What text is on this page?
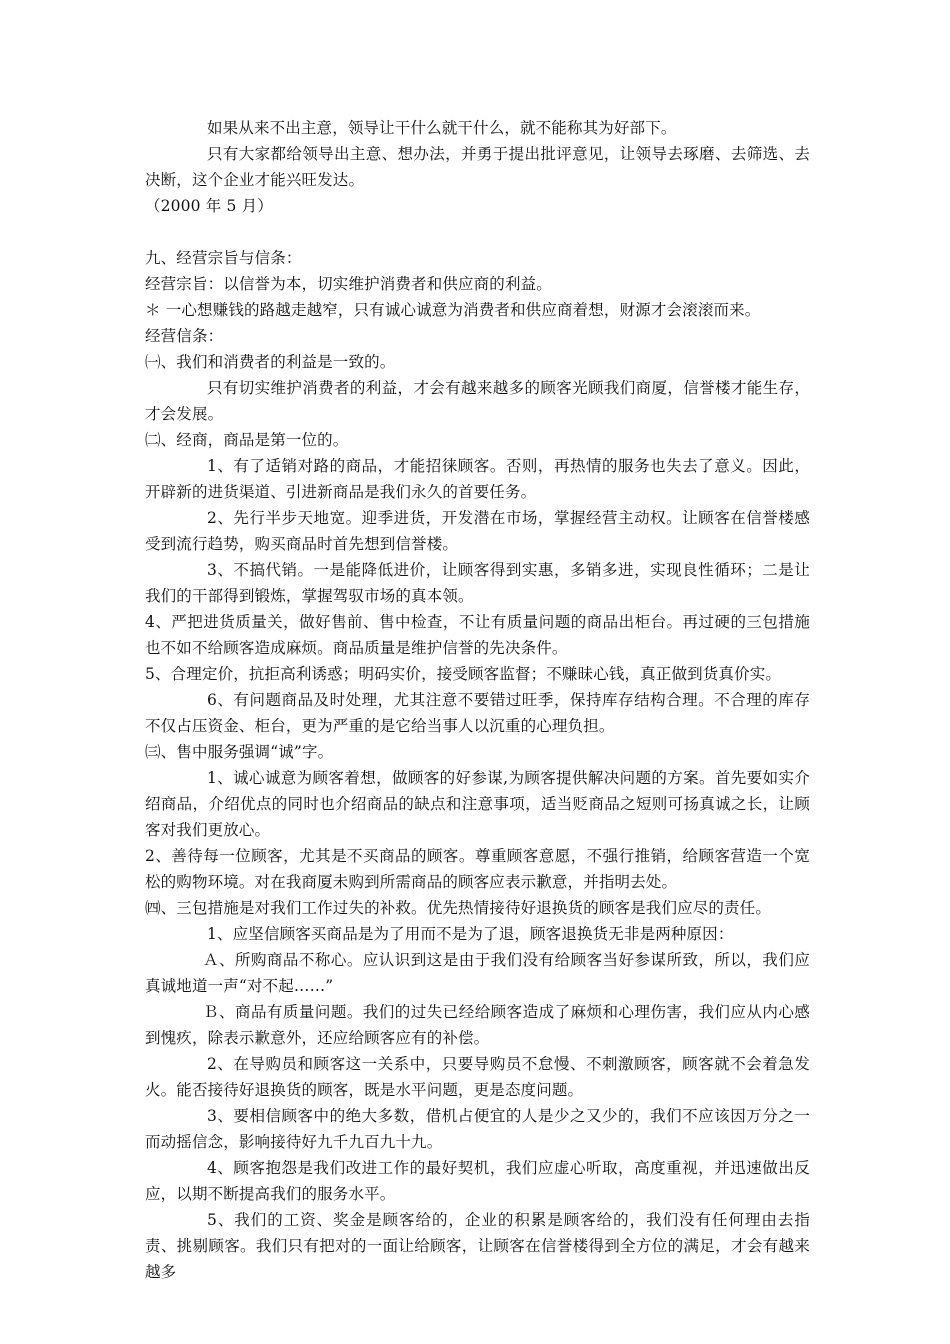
如果从来不出主意，领导让干什么就干什么，就不能称其为好部下。

只有大家都给领导出主意、想办法，并勇于提出批评意见，让领导去琢磨、去筛选、去决断，这个企业才能兴旺发达。

（2000 年 5 月）

九、经营宗旨与信条：

经营宗旨：以信誉为本，切实维护消费者和供应商的利益。

＊ 一心想赚钱的路越走越窄，只有诚心诚意为消费者和供应商着想，财源才会滚滚而来。

经营信条：

㈠、我们和消费者的利益是一致的。

只有切实维护消费者的利益，才会有越来越多的顾客光顾我们商厦，信誉楼才能生存，才会发展。

㈡、经商，商品是第一位的。

1、有了适销对路的商品，才能招徕顾客。否则，再热情的服务也失去了意义。因此，开辟新的进货渠道、引进新商品是我们永久的首要任务。

2、先行半步天地宽。迎季进货，开发潜在市场，掌握经营主动权。让顾客在信誉楼感受到流行趋势，购买商品时首先想到信誉楼。

3、不搞代销。一是能降低进价，让顾客得到实惠，多销多进，实现良性循环；二是让我们的干部得到锻炼，掌握驾驭市场的真本领。

4、严把进货质量关，做好售前、售中检查，不让有质量问题的商品出柜台。再过硬的三包措施也不如不给顾客造成麻烦。商品质量是维护信誉的先决条件。

5、合理定价，抗拒高利诱惑；明码实价，接受顾客监督；不赚昧心钱，真正做到货真价实。

6、有问题商品及时处理，尤其注意不要错过旺季，保持库存结构合理。不合理的库存不仅占压资金、柜台，更为严重的是它给当事人以沉重的心理负担。

㈢、售中服务强调“诚”字。

1、诚心诚意为顾客着想，做顾客的好参谋,为顾客提供解决问题的方案。首先要如实介绍商品，介绍优点的同时也介绍商品的缺点和注意事项，适当贬商品之短则可扬真诚之长，让顾客对我们更放心。

2、善待每一位顾客，尤其是不买商品的顾客。尊重顾客意愿，不强行推销，给顾客营造一个宽松的购物环境。对在我商厦未购到所需商品的顾客应表示歉意，并指明去处。

㈣、三包措施是对我们工作过失的补救。优先热情接待好退换货的顾客是我们应尽的责任。

1、应坚信顾客买商品是为了用而不是为了退，顾客退换货无非是两种原因：

Ａ、所购商品不称心。应认识到这是由于我们没有给顾客当好参谋所致，所以，我们应真诚地道一声“对不起……”

Ｂ、商品有质量问题。我们的过失已经给顾客造成了麻烦和心理伤害，我们应从内心感到愧疚，除表示歉意外，还应给顾客应有的补偿。

2、在导购员和顾客这一关系中，只要导购员不怠慢、不刺激顾客，顾客就不会着急发火。能否接待好退换货的顾客，既是水平问题，更是态度问题。

3、要相信顾客中的绝大多数，借机占便宜的人是少之又少的，我们不应该因万分之一而动摇信念，影响接待好九千九百九十九。

4、顾客抱怨是我们改进工作的最好契机，我们应虚心听取，高度重视，并迅速做出反应，以期不断提高我们的服务水平。

5、我们的工资、奖金是顾客给的，企业的积累是顾客给的，我们没有任何理由去指责、挑剔顾客。我们只有把对的一面让给顾客，让顾客在信誉楼得到全方位的满足，才会有越来越多
